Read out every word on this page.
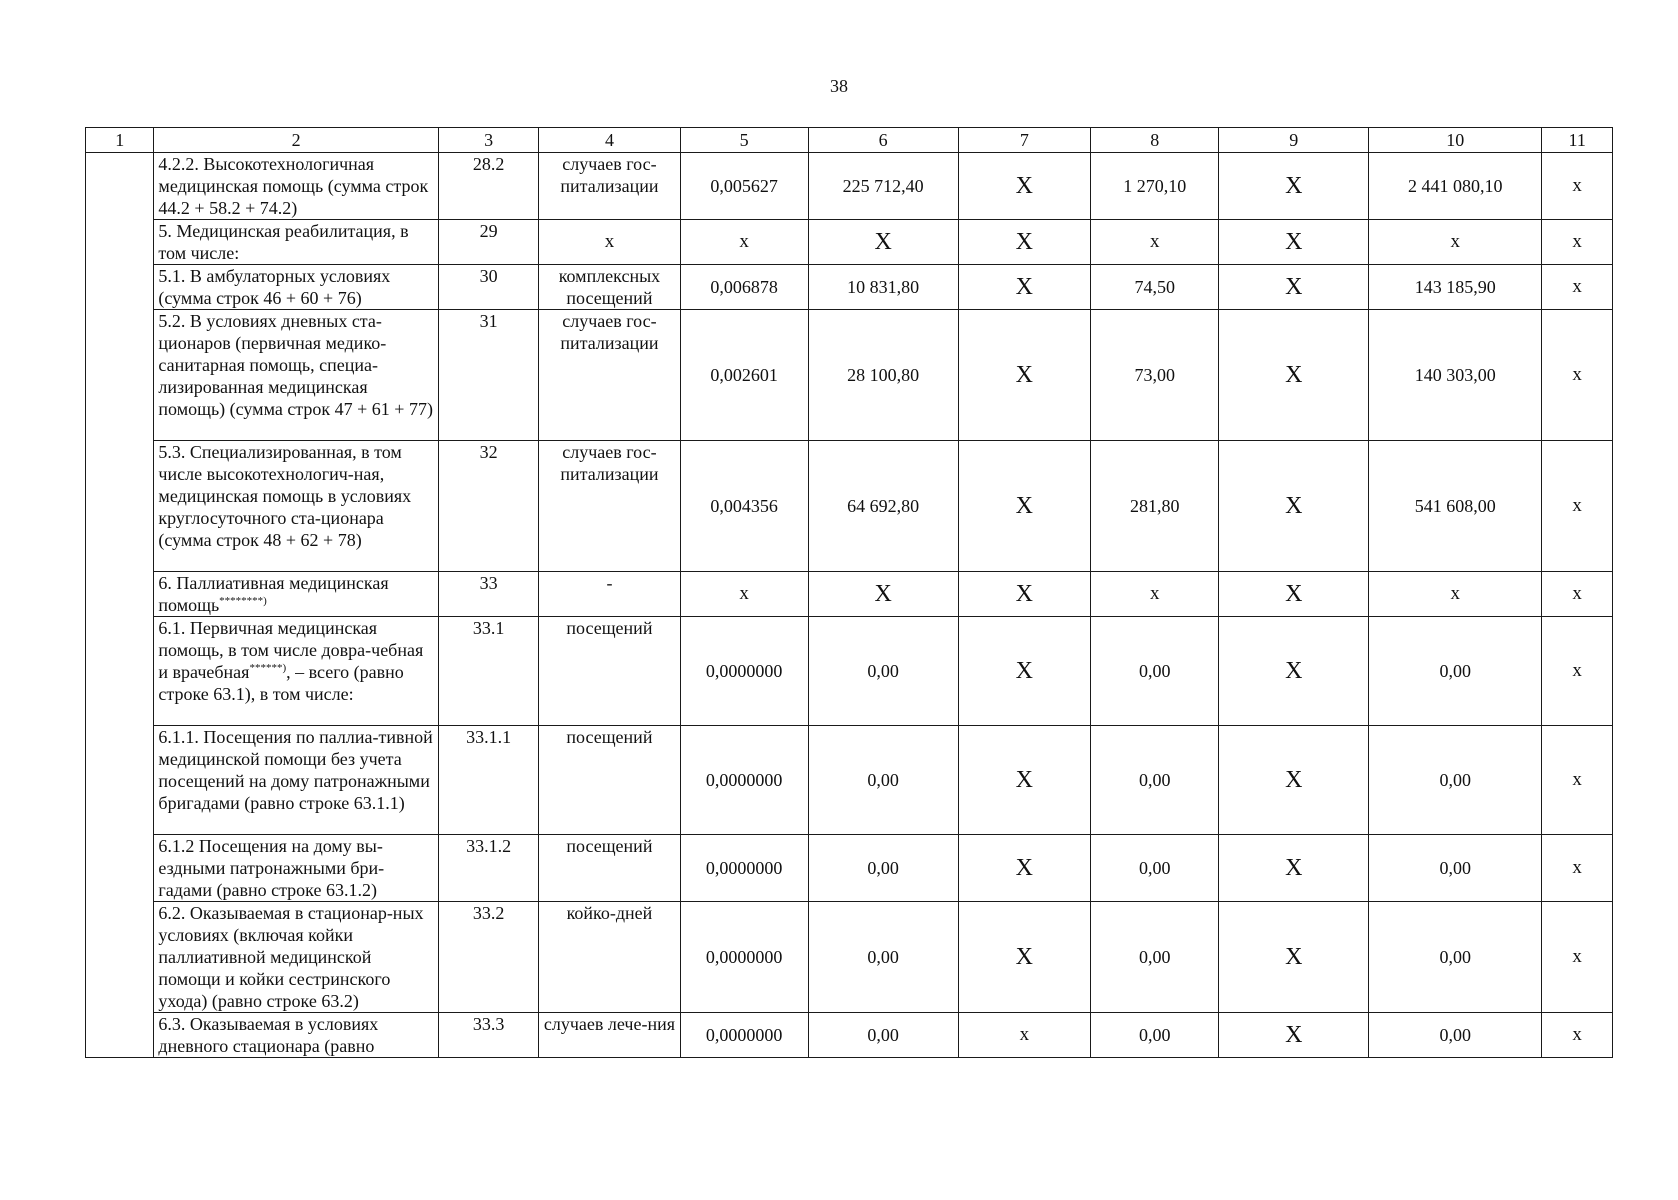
38
1	2	3	4	5	6	7	8	9	10	11
	4.2.2. Высокотехнологичная медицинская помощь (сумма строк 44.2 + 58.2 + 74.2)	28.2	случаев гос-питализации	0,005627	225 712,40	X	1 270,10	X	2 441 080,10	х
	5. Медицинская реабилитация, в том числе:	29	х	х	X	X	х	X	х	х
	5.1. В амбулаторных условиях (сумма строк 46 + 60 + 76)	30	комплексных посещений	0,006878	10 831,80	X	74,50	X	143 185,90	х
	5.2. В условиях дневных ста-ционаров (первичная медико-санитарная помощь, специа-лизированная медицинская помощь) (сумма строк 47 + 61 + 77)	31	случаев гос-питализации	0,002601	28 100,80	X	73,00	X	140 303,00	х
	5.3. Специализированная, в том числе высокотехнологич-ная, медицинская помощь в условиях круглосуточного ста-ционара (сумма строк 48 + 62 + 78)	32	случаев гос-питализации	0,004356	64 692,80	X	281,80	X	541 608,00	х
	6. Паллиативная медицинская помощь********)	33	-	х	X	X	х	X	х	х
	6.1. Первичная медицинская помощь, в том числе довра-чебная и врачебная******), – всего (равно строке 63.1), в том числе:	33.1	посещений	0,0000000	0,00	X	0,00	X	0,00	х
	6.1.1. Посещения по паллиа-тивной медицинской помощи без учета посещений на дому патронажными бригадами (равно строке 63.1.1)	33.1.1	посещений	0,0000000	0,00	X	0,00	X	0,00	х
	6.1.2 Посещения на дому вы-ездными патронажными бри-гадами (равно строке 63.1.2)	33.1.2	посещений	0,0000000	0,00	X	0,00	X	0,00	х
	6.2. Оказываемая в стационар-ных условиях (включая койки паллиативной медицинской помощи и койки сестринского ухода) (равно строке 63.2)	33.2	койко-дней	0,0000000	0,00	X	0,00	X	0,00	х
	6.3. Оказываемая в условиях дневного стационара (равно	33.3	случаев лече-ния	0,0000000	0,00	х	0,00	X	0,00	х
